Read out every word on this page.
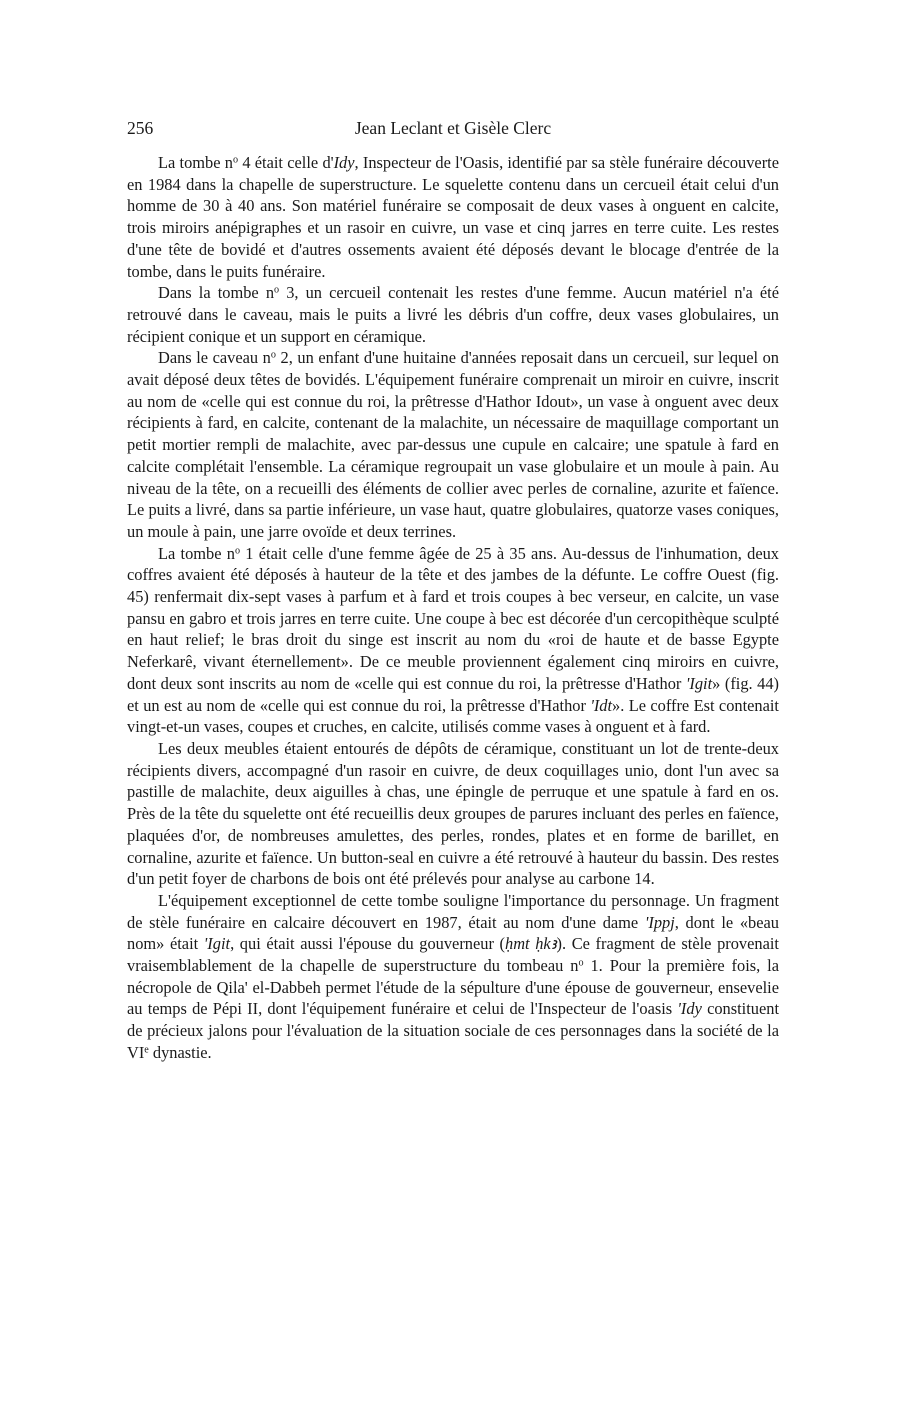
256	Jean Leclant et Gisèle Clerc

La tombe $n^o$ 4 était celle d'Idy, Inspecteur de l'Oasis, identifié par sa stèle funéraire découverte en 1984 dans la chapelle de superstructure. Le squelette contenu dans un cercueil était celui d'un homme de 30 à 40 ans. Son matériel funéraire se composait de deux vases à onguent en calcite, trois miroirs anépigraphes et un rasoir en cuivre, un vase et cinq jarres en terre cuite. Les restes d'une tête de bovidé et d'autres ossements avaient été déposés devant le blocage d'entrée de la tombe, dans le puits funéraire.

Dans la tombe $n^o$ 3, un cercueil contenait les restes d'une femme. Aucun matériel n'a été retrouvé dans le caveau, mais le puits a livré les débris d'un coffre, deux vases globulaires, un récipient conique et un support en céramique.

Dans le caveau $n^o$ 2, un enfant d'une huitaine d'années reposait dans un cercueil, sur lequel on avait déposé deux têtes de bovidés. L'équipement funéraire comprenait un miroir en cuivre, inscrit au nom de «celle qui est connue du roi, la prêtresse d'Hathor Idout», un vase à onguent avec deux récipients à fard, en calcite, contenant de la malachite, un nécessaire de maquillage comportant un petit mortier rempli de malachite, avec par-dessus une cupule en calcaire; une spatule à fard en calcite complétait l'ensemble. La céramique regroupait un vase globulaire et un moule à pain. Au niveau de la tête, on a recueilli des éléments de collier avec perles de cornaline, azurite et faïence. Le puits a livré, dans sa partie inférieure, un vase haut, quatre globulaires, quatorze vases coniques, un moule à pain, une jarre ovoïde et deux terrines.

La tombe $n^o$ 1 était celle d'une femme âgée de 25 à 35 ans. Au-dessus de l'inhumation, deux coffres avaient été déposés à hauteur de la tête et des jambes de la défunte. Le coffre Ouest (fig. 45) renfermait dix-sept vases à parfum et à fard et trois coupes à bec verseur, en calcite, un vase pansu en gabro et trois jarres en terre cuite. Une coupe à bec est décorée d'un cercopithèque sculpté en haut relief; le bras droit du singe est inscrit au nom du «roi de haute et de basse Egypte Neferkarê, vivant éternellement». De ce meuble proviennent également cinq miroirs en cuivre, dont deux sont inscrits au nom de «celle qui est connue du roi, la prêtresse d'Hathor 'Igit» (fig. 44) et un est au nom de «celle qui est connue du roi, la prêtresse d'Hathor 'Idt». Le coffre Est contenait vingt-et-un vases, coupes et cruches, en calcite, utilisés comme vases à onguent et à fard.

Les deux meubles étaient entourés de dépôts de céramique, constituant un lot de trente-deux récipients divers, accompagné d'un rasoir en cuivre, de deux coquillages unio, dont l'un avec sa pastille de malachite, deux aiguilles à chas, une épingle de perruque et une spatule à fard en os. Près de la tête du squelette ont été recueillis deux groupes de parures incluant des perles en faïence, plaquées d'or, de nombreuses amulettes, des perles, rondes, plates et en forme de barillet, en cornaline, azurite et faïence. Un button-seal en cuivre a été retrouvé à hauteur du bassin. Des restes d'un petit foyer de charbons de bois ont été prélevés pour analyse au carbone 14.

L'équipement exceptionnel de cette tombe souligne l'importance du personnage. Un fragment de stèle funéraire en calcaire découvert en 1987, était au nom d'une dame 'Ippj, dont le «beau nom» était 'Igit, qui était aussi l'épouse du gouverneur (ḥmt ḥkꜣ). Ce fragment de stèle provenait vraisemblablement de la chapelle de superstructure du tombeau $n^o$ 1. Pour la première fois, la nécropole de Qila' el-Dabbeh permet l'étude de la sépulture d'une épouse de gouverneur, ensevelie au temps de Pépi II, dont l'équipement funéraire et celui de l'Inspecteur de l'oasis 'Idy constituent de précieux jalons pour l'évaluation de la situation sociale de ces personnages dans la société de la VIe dynastie.
